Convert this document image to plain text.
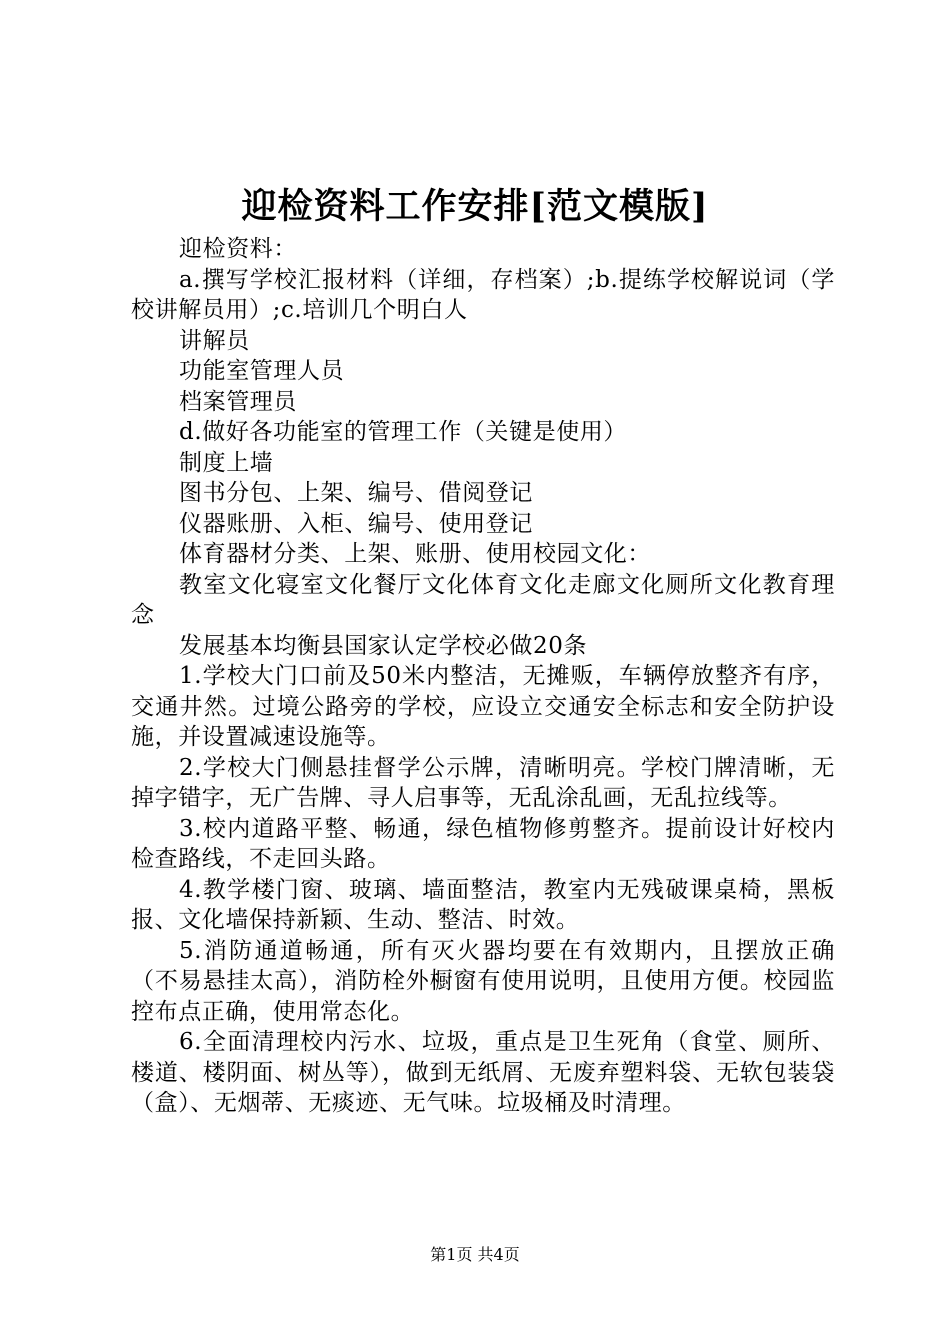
迎检资料工作安排[范文模版]

迎检资料：

a.撰写学校汇报材料（详细，存档案）;b.提练学校解说词（学校讲解员用）;c.培训几个明白人

讲解员

功能室管理人员

档案管理员

d.做好各功能室的管理工作（关键是使用）

制度上墙

图书分包、上架、编号、借阅登记

仪器账册、入柜、编号、使用登记

体育器材分类、上架、账册、使用校园文化：

教室文化寝室文化餐厅文化体育文化走廊文化厕所文化教育理念

发展基本均衡县国家认定学校必做20条

1.学校大门口前及50米内整洁，无摊贩，车辆停放整齐有序，交通井然。过境公路旁的学校，应设立交通安全标志和安全防护设施，并设置减速设施等。

2.学校大门侧悬挂督学公示牌，清晰明亮。学校门牌清晰，无掉字错字，无广告牌、寻人启事等，无乱涂乱画，无乱拉线等。

3.校内道路平整、畅通，绿色植物修剪整齐。提前设计好校内检查路线，不走回头路。

4.教学楼门窗、玻璃、墙面整洁，教室内无残破课桌椅，黑板报、文化墙保持新颖、生动、整洁、时效。

5.消防通道畅通，所有灭火器均要在有效期内，且摆放正确（不易悬挂太高），消防栓外橱窗有使用说明，且使用方便。校园监控布点正确，使用常态化。

6.全面清理校内污水、垃圾，重点是卫生死角（食堂、厕所、楼道、楼阴面、树丛等），做到无纸屑、无废弃塑料袋、无软包装袋（盒）、无烟蒂、无痰迹、无气味。垃圾桶及时清理。

第1页 共4页
